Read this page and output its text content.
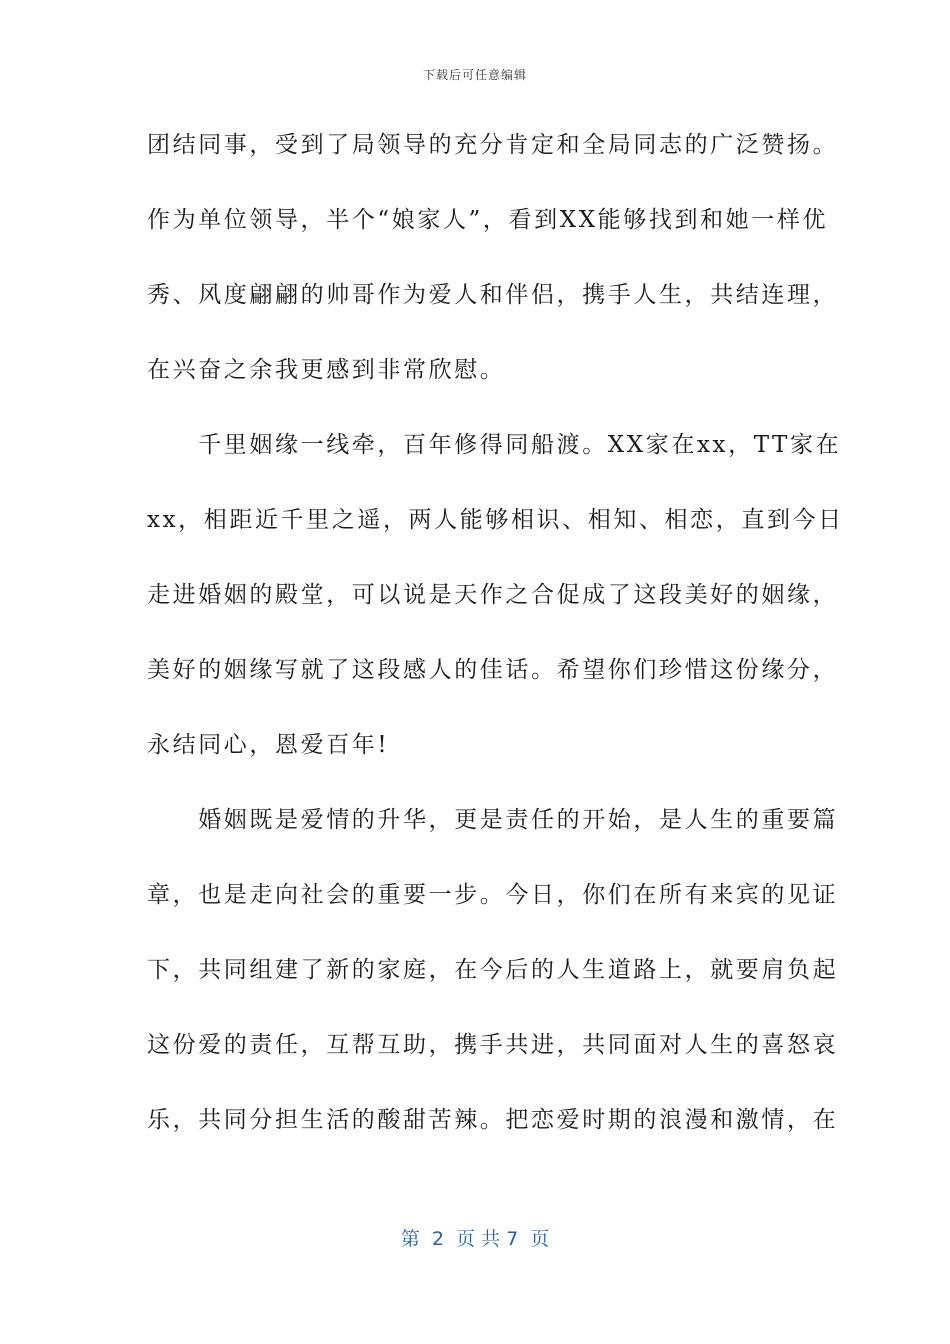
下载后可任意编辑
团结同事，受到了局领导的充分肯定和全局同志的广泛赞扬。
作为单位领导，半个“娘家人”，看到XX能够找到和她一样优
秀、风度翩翩的帅哥作为爱人和伴侣，携手人生，共结连理，
在兴奋之余我更感到非常欣慰。
　　千里姻缘一线牵，百年修得同船渡。XX家在xx，TT家在
xx，相距近千里之遥，两人能够相识、相知、相恋，直到今日
走进婚姻的殿堂，可以说是天作之合促成了这段美好的姻缘，
美好的姻缘写就了这段感人的佳话。希望你们珍惜这份缘分，
永结同心，恩爱百年!
　　婚姻既是爱情的升华，更是责任的开始，是人生的重要篇
章，也是走向社会的重要一步。今日，你们在所有来宾的见证
下，共同组建了新的家庭，在今后的人生道路上，就要肩负起
这份爱的责任，互帮互助，携手共进，共同面对人生的喜怒哀
乐，共同分担生活的酸甜苦辣。把恋爱时期的浪漫和激情，在
第  2  页 共 7  页
